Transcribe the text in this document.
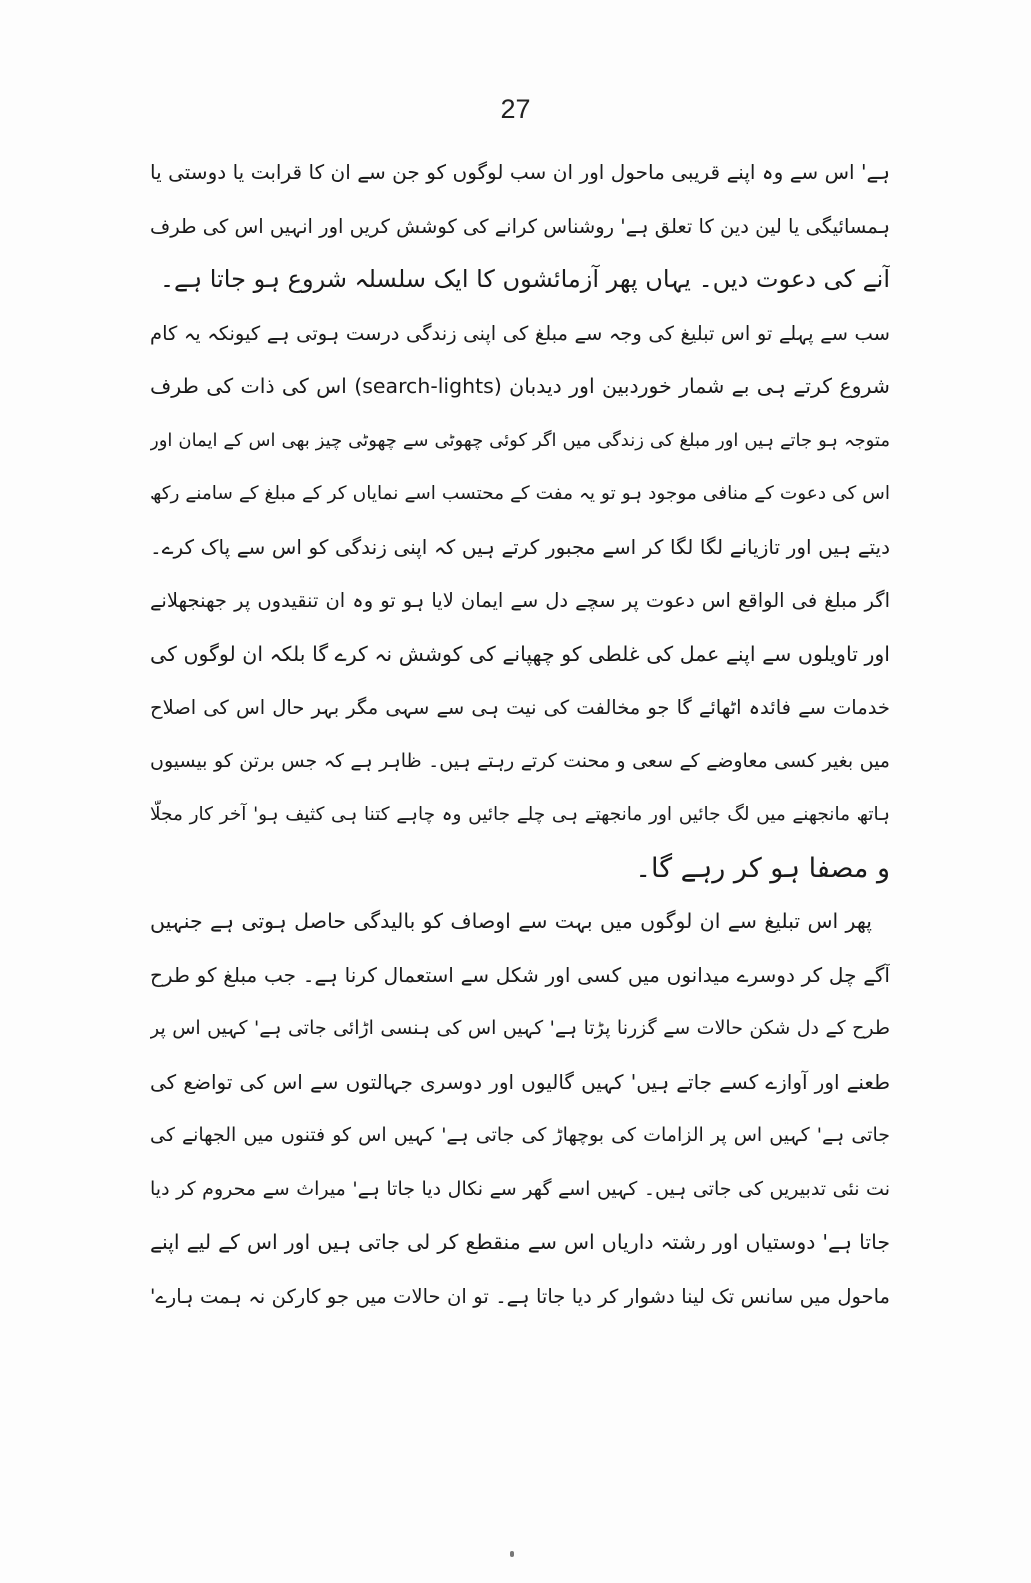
27
ہے' اس سے وہ اپنے قریبی ماحول اور ان سب لوگوں کو جن سے ان کا قرابت یا دوستی یا
ہمسائیگی یا لین دین کا تعلق ہے' روشناس کرانے کی کوشش کریں اور انہیں اس کی طرف
آنے کی دعوت دیں۔ یہاں پھر آزمائشوں کا ایک سلسلہ شروع ہو جاتا ہے۔
سب سے پہلے تو اس تبلیغ کی وجہ سے مبلغ کی اپنی زندگی درست ہوتی ہے کیونکہ یہ کام
شروع کرتے ہی بے شمار خوردبین اور دیدبان (search-lights) اس کی ذات کی طرف
متوجہ ہو جاتے ہیں اور مبلغ کی زندگی میں اگر کوئی چھوٹی سے چھوٹی چیز بھی اس کے ایمان اور
اس کی دعوت کے منافی موجود ہو تو یہ مفت کے محتسب اسے نمایاں کر کے مبلغ کے سامنے رکھ
دیتے ہیں اور تازیانے لگا لگا کر اسے مجبور کرتے ہیں کہ اپنی زندگی کو اس سے پاک کرے۔
اگر مبلغ فی الواقع اس دعوت پر سچے دل سے ایمان لایا ہو تو وہ ان تنقیدوں پر جھنجھلانے
اور تاویلوں سے اپنے عمل کی غلطی کو چھپانے کی کوشش نہ کرے گا بلکہ ان لوگوں کی
خدمات سے فائدہ اٹھائے گا جو مخالفت کی نیت ہی سے سہی مگر بہر حال اس کی اصلاح
میں بغیر کسی معاوضے کے سعی و محنت کرتے رہتے ہیں۔ ظاہر ہے کہ جس برتن کو بیسیوں
ہاتھ مانجھنے میں لگ جائیں اور مانجھتے ہی چلے جائیں وہ چاہے کتنا ہی کثیف ہو' آخر کار مجلّا
و مصفا ہو کر رہے گا۔
پھر اس تبلیغ سے ان لوگوں میں بہت سے اوصاف کو بالیدگی حاصل ہوتی ہے جنہیں
آگے چل کر دوسرے میدانوں میں کسی اور شکل سے استعمال کرنا ہے۔ جب مبلغ کو طرح
طرح کے دل شکن حالات سے گزرنا پڑتا ہے' کہیں اس کی ہنسی اڑائی جاتی ہے' کہیں اس پر
طعنے اور آوازے کسے جاتے ہیں' کہیں گالیوں اور دوسری جہالتوں سے اس کی تواضع کی
جاتی ہے' کہیں اس پر الزامات کی بوچھاڑ کی جاتی ہے' کہیں اس کو فتنوں میں الجھانے کی
نت نئی تدبیریں کی جاتی ہیں۔ کہیں اسے گھر سے نکال دیا جاتا ہے' میراث سے محروم کر دیا
جاتا ہے' دوستیاں اور رشتہ داریاں اس سے منقطع کر لی جاتی ہیں اور اس کے لیے اپنے
ماحول میں سانس تک لینا دشوار کر دیا جاتا ہے۔ تو ان حالات میں جو کارکن نہ ہمت ہارے'
